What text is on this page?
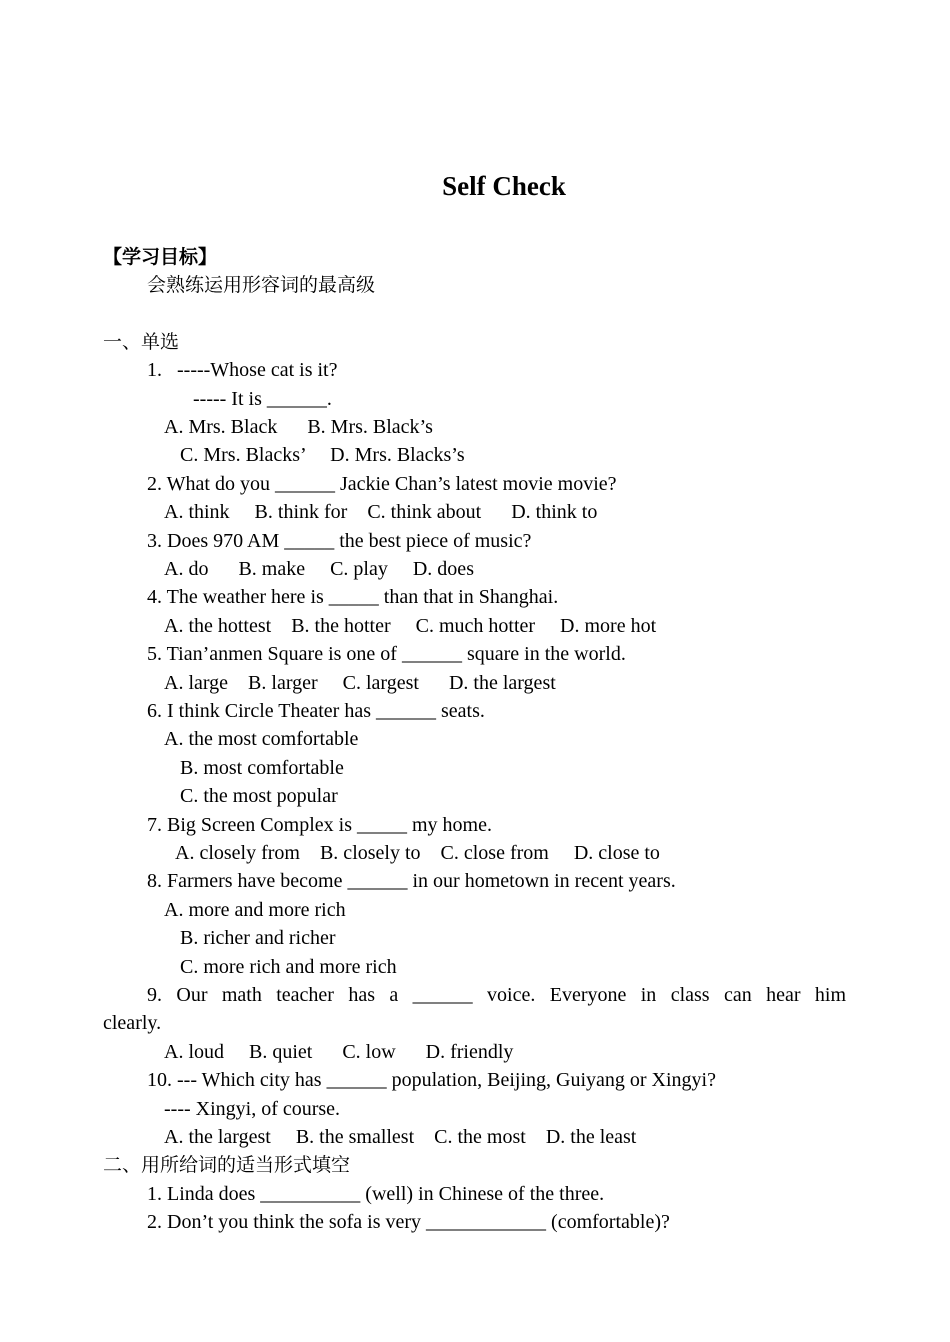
Self Check
【学习目标】
会熟练运用形容词的最高级
一、单选
1.   -----Whose cat is it?
----- It is ______.
A. Mrs. Black      B. Mrs. Black’s
C. Mrs. Blacks’     D. Mrs. Blacks’s
2. What do you ______ Jackie Chan’s latest movie movie?
A. think     B. think for    C. think about      D. think to
3. Does 970 AM _____ the best piece of music?
A. do      B. make     C. play     D. does
4. The weather here is _____ than that in Shanghai.
A. the hottest    B. the hotter     C. much hotter     D. more hot
5. Tian’anmen Square is one of ______ square in the world.
A. large    B. larger     C. largest      D. the largest
6. I think Circle Theater has ______ seats.
A. the most comfortable
B. most comfortable
C. the most popular
7. Big Screen Complex is _____ my home.
A. closely from    B. closely to    C. close from     D. close to
8. Farmers have become ______ in our hometown in recent years.
A. more and more rich
B. richer and richer
C. more rich and more rich
9. Our math teacher has a ______ voice. Everyone in class can hear him
clearly.
A. loud     B. quiet      C. low      D. friendly
10. --- Which city has ______ population, Beijing, Guiyang or Xingyi?
---- Xingyi, of course.
A. the largest     B. the smallest    C. the most    D. the least
二、用所给词的适当形式填空
1. Linda does __________ (well) in Chinese of the three.
2. Don’t you think the sofa is very ____________ (comfortable)?
